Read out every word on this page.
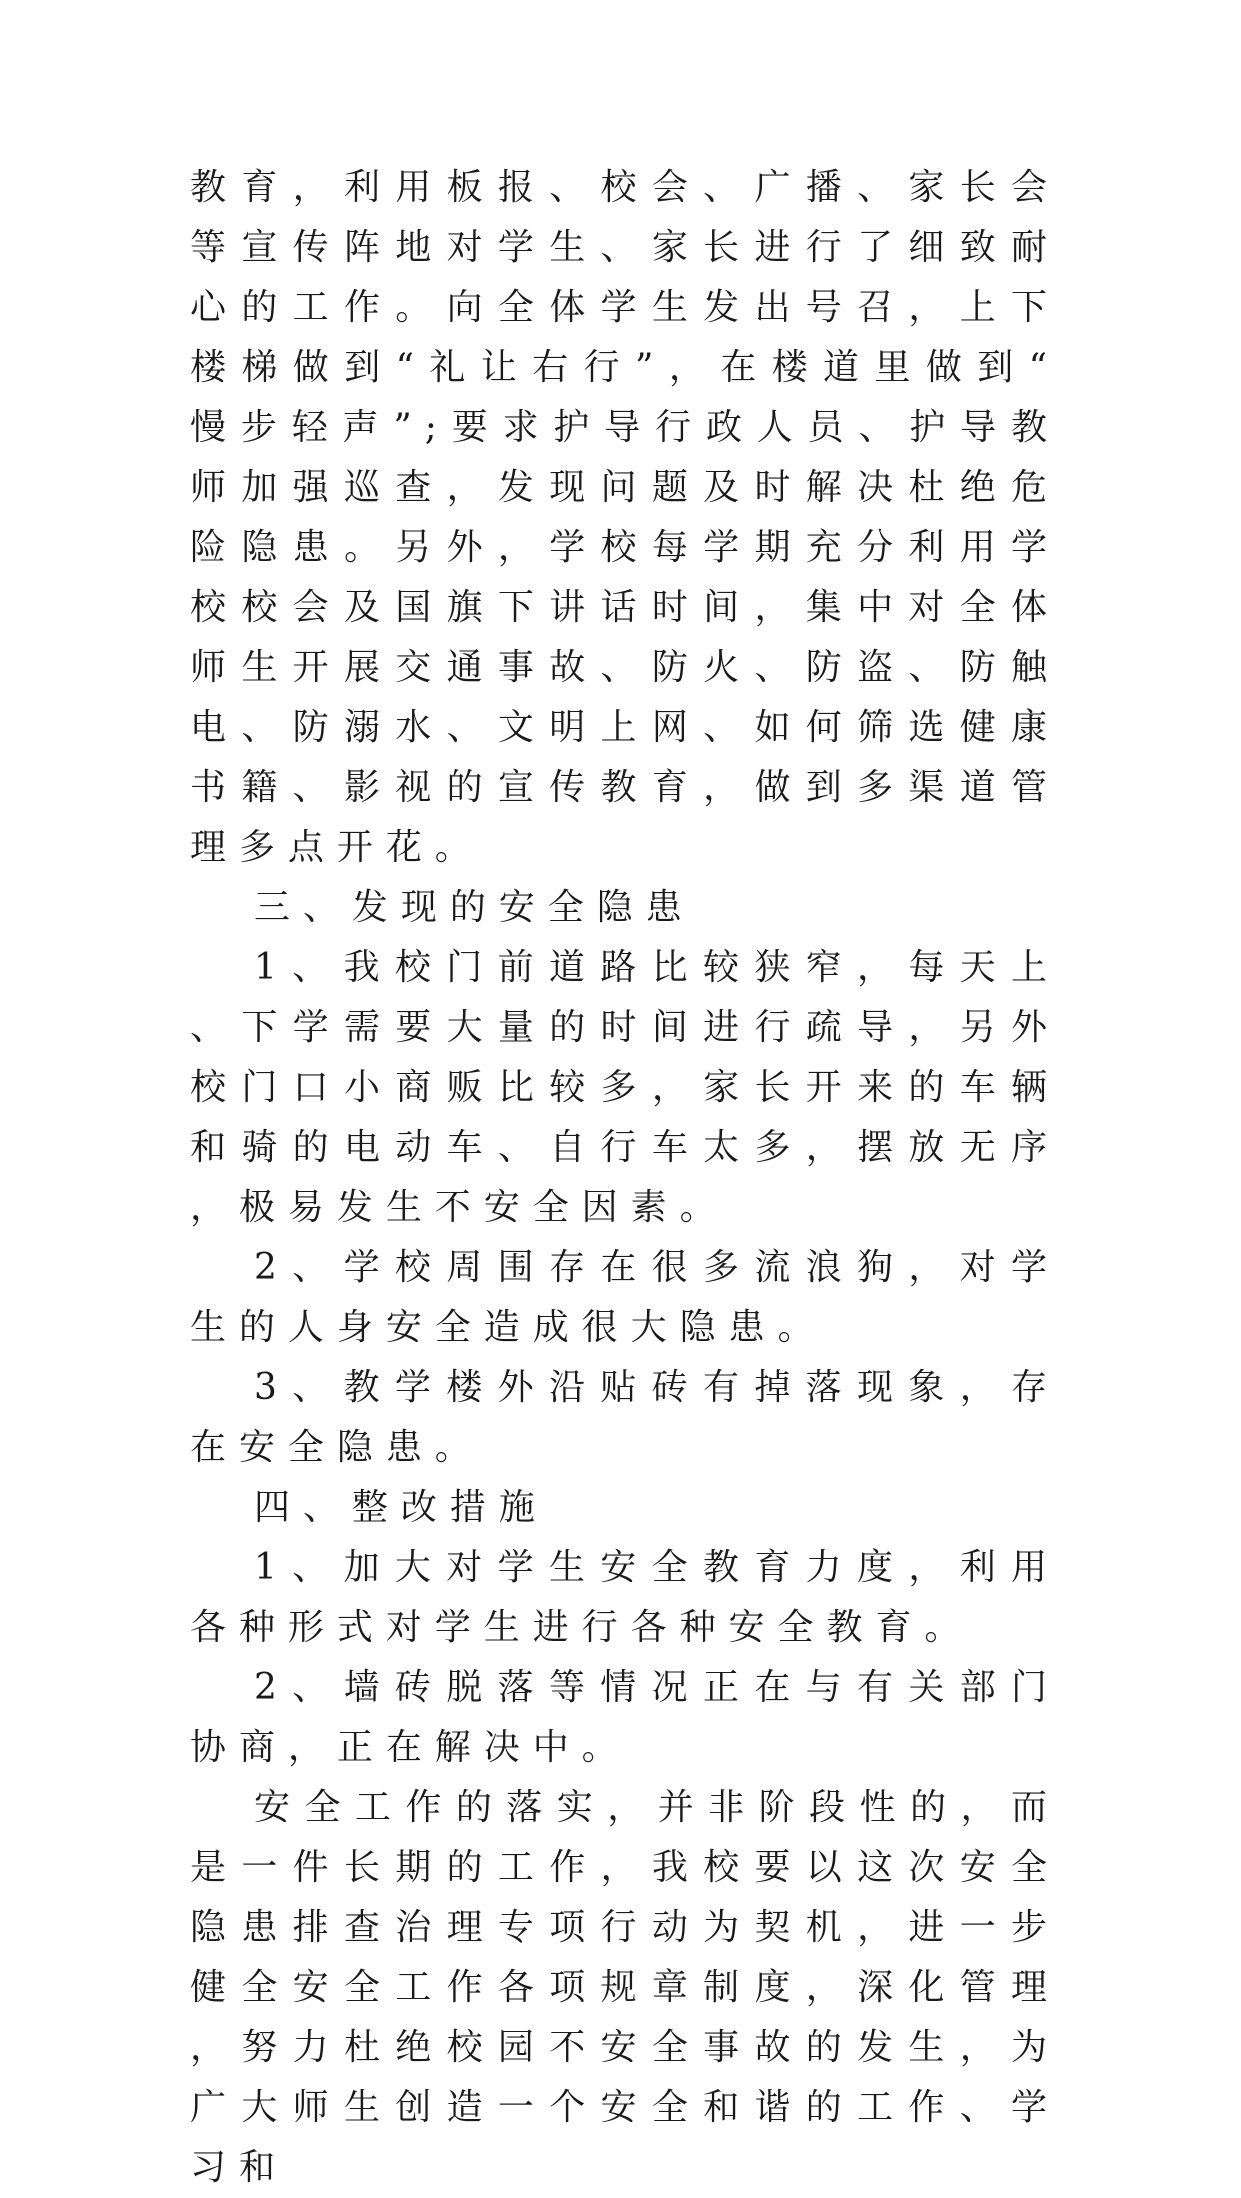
教育，利用板报、校会、广播、家长会等宣传阵地对学生、家长进行了细致耐心的工作。向全体学生发出号召，上下楼梯做到“礼让右行”，在楼道里做到“慢步轻声”;要求护导行政人员、护导教师加强巡查，发现问题及时解决杜绝危险隐患。另外，学校每学期充分利用学校校会及国旗下讲话时间，集中对全体师生开展交通事故、防火、防盗、防触电、防溺水、文明上网、如何筛选健康书籍、影视的宣传教育，做到多渠道管理多点开花。

三、发现的安全隐患

1、我校门前道路比较狭窄，每天上、下学需要大量的时间进行疏导，另外校门口小商贩比较多，家长开来的车辆和骑的电动车、自行车太多，摆放无序，极易发生不安全因素。

2、学校周围存在很多流浪狗，对学生的人身安全造成很大隐患。

3、教学楼外沿贴砖有掉落现象，存在安全隐患。

四、整改措施

1、加大对学生安全教育力度，利用各种形式对学生进行各种安全教育。

2、墙砖脱落等情况正在与有关部门协商，正在解决中。

安全工作的落实，并非阶段性的，而是一件长期的工作，我校要以这次安全隐患排查治理专项行动为契机，进一步健全安全工作各项规章制度，深化管理，努力杜绝校园不安全事故的发生，为广大师生创造一个安全和谐的工作、学习和
